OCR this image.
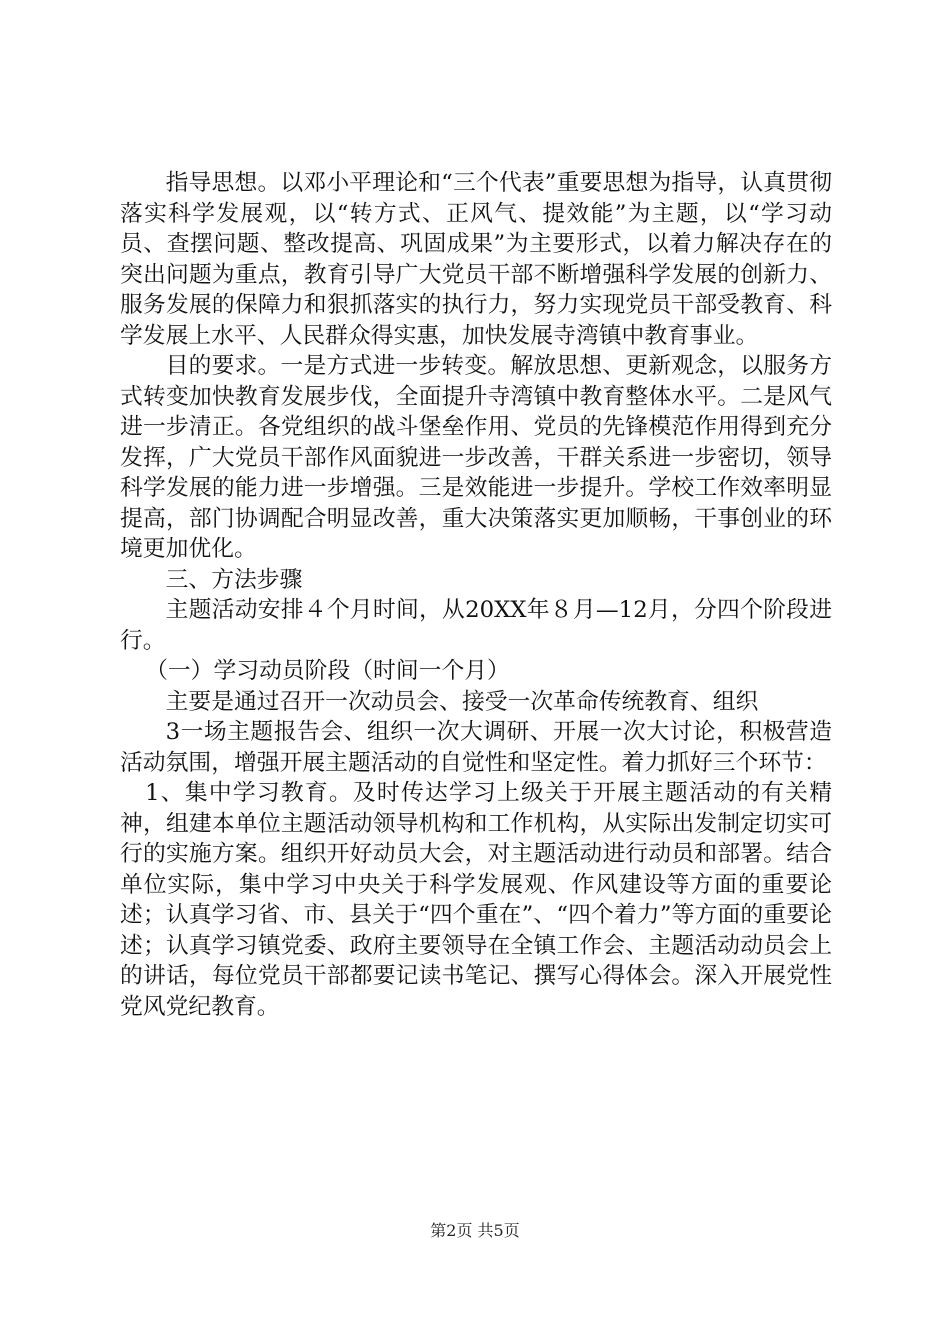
指导思想。以邓小平理论和“三个代表”重要思想为指导，认真贯彻落实科学发展观，以“转方式、正风气、提效能”为主题，以“学习动员、查摆问题、整改提高、巩固成果”为主要形式，以着力解决存在的突出问题为重点，教育引导广大党员干部不断增强科学发展的创新力、服务发展的保障力和狠抓落实的执行力，努力实现党员干部受教育、科学发展上水平、人民群众得实惠，加快发展寺湾镇中教育事业。

目的要求。一是方式进一步转变。解放思想、更新观念，以服务方式转变加快教育发展步伐，全面提升寺湾镇中教育整体水平。二是风气进一步清正。各党组织的战斗堡垒作用、党员的先锋模范作用得到充分发挥，广大党员干部作风面貌进一步改善，干群关系进一步密切，领导科学发展的能力进一步增强。三是效能进一步提升。学校工作效率明显提高，部门协调配合明显改善，重大决策落实更加顺畅，干事创业的环境更加优化。

三、方法步骤

主题活动安排４个月时间，从20XX年８月—12月，分四个阶段进行。

（一）学习动员阶段（时间一个月）

主要是通过召开一次动员会、接受一次革命传统教育、组织

3一场主题报告会、组织一次大调研、开展一次大讨论，积极营造活动氛围，增强开展主题活动的自觉性和坚定性。着力抓好三个环节：

1、集中学习教育。及时传达学习上级关于开展主题活动的有关精神，组建本单位主题活动领导机构和工作机构，从实际出发制定切实可行的实施方案。组织开好动员大会，对主题活动进行动员和部署。结合单位实际，集中学习中央关于科学发展观、作风建设等方面的重要论述；认真学习省、市、县关于“四个重在”、“四个着力”等方面的重要论述；认真学习镇党委、政府主要领导在全镇工作会、主题活动动员会上的讲话，每位党员干部都要记读书笔记、撰写心得体会。深入开展党性党风党纪教育。

第2页 共5页
